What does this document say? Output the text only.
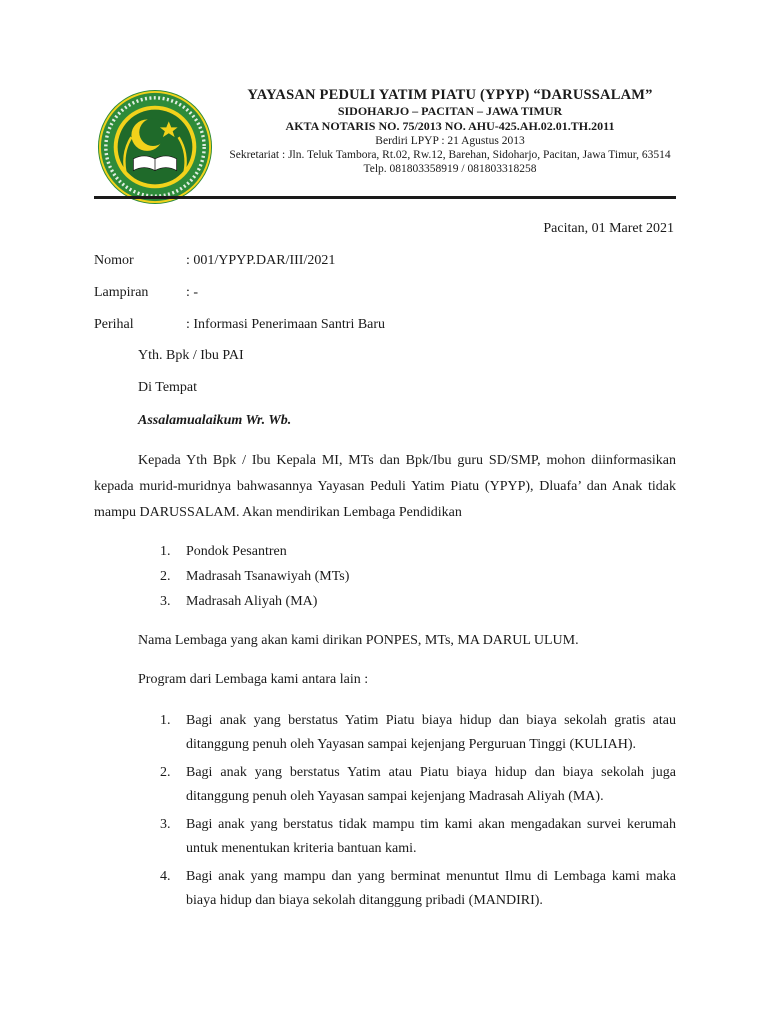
YAYASAN PEDULI YATIM PIATU (YPYP) “DARUSSALAM”
SIDOHARJO – PACITAN – JAWA TIMUR
AKTA NOTARIS NO. 75/2013 NO. AHU-425.AH.02.01.TH.2011
Berdiri LPYP : 21 Agustus 2013
Sekretariat : Jln. Teluk Tambora, Rt.02, Rw.12, Barehan, Sidoharjo, Pacitan, Jawa Timur, 63514
Telp. 081803358919 / 081803318258
Pacitan, 01 Maret 2021
Nomor	: 001/YPYP.DAR/III/2021
Lampiran	: -
Perihal	: Informasi Penerimaan Santri Baru
Yth. Bpk / Ibu PAI
Di Tempat
Assalamualaikum Wr. Wb.
Kepada Yth Bpk / Ibu Kepala MI, MTs dan Bpk/Ibu guru SD/SMP, mohon diinformasikan kepada murid-muridnya bahwasannya Yayasan Peduli Yatim Piatu (YPYP), Dluafa’ dan Anak tidak mampu DARUSSALAM. Akan mendirikan Lembaga Pendidikan
1. Pondok Pesantren
2. Madrasah Tsanawiyah (MTs)
3. Madrasah Aliyah (MA)
Nama Lembaga yang akan kami dirikan PONPES, MTs, MA DARUL ULUM.
Program dari Lembaga kami antara lain :
1. Bagi anak yang berstatus Yatim Piatu biaya hidup dan biaya sekolah gratis atau ditanggung penuh oleh Yayasan sampai kejenjang Perguruan Tinggi (KULIAH).
2. Bagi anak yang berstatus Yatim atau Piatu biaya hidup dan biaya sekolah juga ditanggung penuh oleh Yayasan sampai kejenjang Madrasah Aliyah (MA).
3. Bagi anak yang berstatus tidak mampu tim kami akan mengadakan survei kerumah untuk menentukan kriteria bantuan kami.
4. Bagi anak yang mampu dan yang berminat menuntut Ilmu di Lembaga kami maka biaya hidup dan biaya sekolah ditanggung pribadi (MANDIRI).
